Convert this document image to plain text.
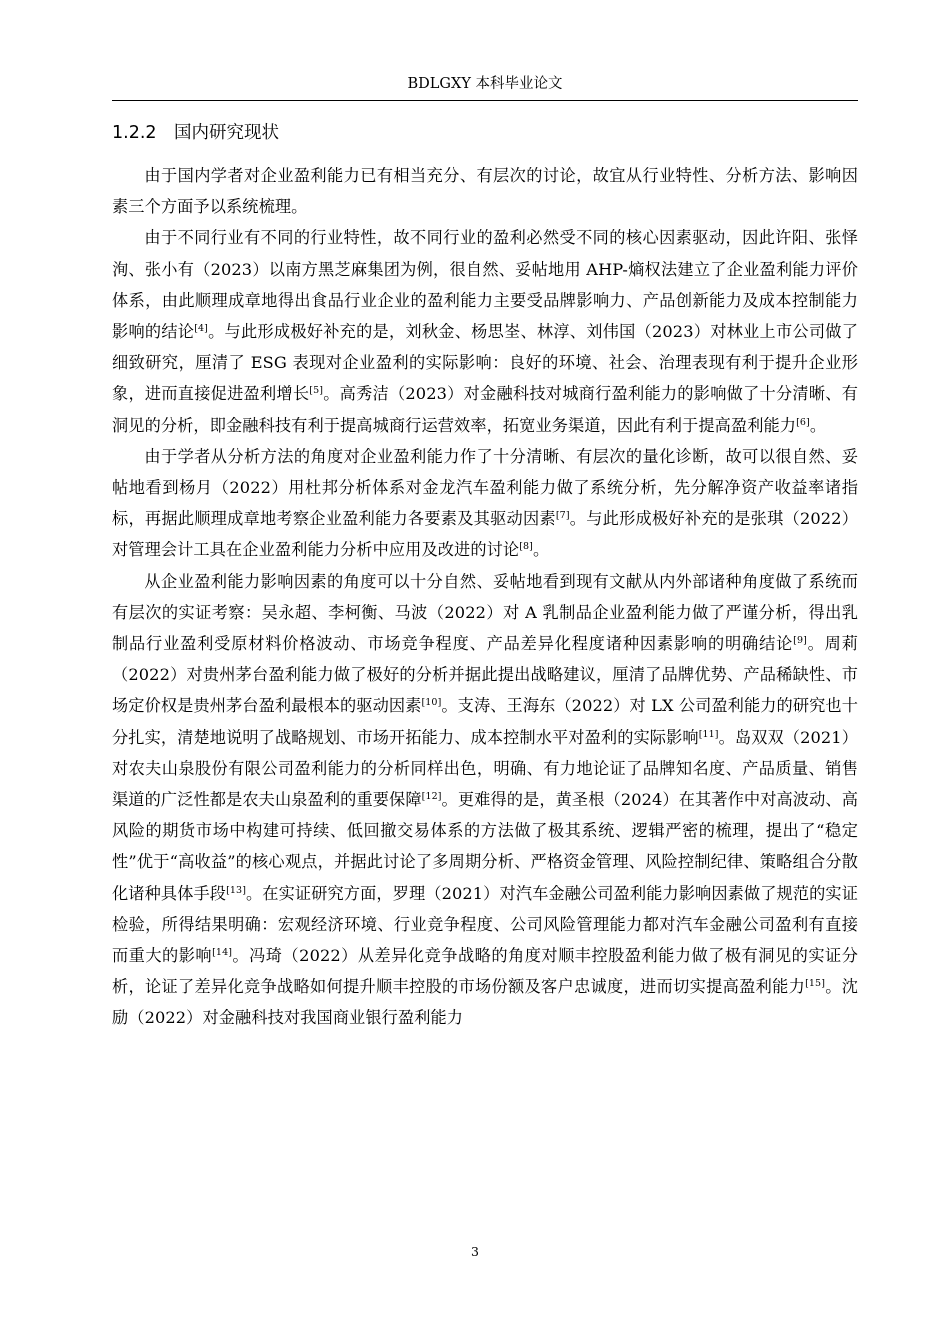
BDLGXY 本科毕业论文
1.2.2 国内研究现状

由于国内学者对企业盈利能力已有相当充分、有层次的讨论，故宜从行业特性、分析方法、影响因素三个方面予以系统梳理。

由于不同行业有不同的行业特性，故不同行业的盈利必然受不同的核心因素驱动，因此许阳、张怿洵、张小有（2023）以南方黑芝麻集团为例，很自然、妥帖地用 AHP-熵权法建立了企业盈利能力评价体系，由此顺理成章地得出食品行业企业的盈利能力主要受品牌影响力、产品创新能力及成本控制能力影响的结论[4]。与此形成极好补充的是，刘秋金、杨思峑、林淳、刘伟国（2023）对林业上市公司做了细致研究，厘清了 ESG 表现对企业盈利的实际影响：良好的环境、社会、治理表现有利于提升企业形象，进而直接促进盈利增长[5]。高秀洁（2023）对金融科技对城商行盈利能力的影响做了十分清晰、有洞见的分析，即金融科技有利于提高城商行运营效率，拓宽业务渠道，因此有利于提高盈利能力[6]。

由于学者从分析方法的角度对企业盈利能力作了十分清晰、有层次的量化诊断，故可以很自然、妥帖地看到杨月（2022）用杜邦分析体系对金龙汽车盈利能力做了系统分析，先分解净资产收益率诸指标，再据此顺理成章地考察企业盈利能力各要素及其驱动因素[7]。与此形成极好补充的是张琪（2022）对管理会计工具在企业盈利能力分析中应用及改进的讨论[8]。

从企业盈利能力影响因素的角度可以十分自然、妥帖地看到现有文献从内外部诸种角度做了系统而有层次的实证考察：吴永超、李柯衡、马波（2022）对 A 乳制品企业盈利能力做了严谨分析，得出乳制品行业盈利受原材料价格波动、市场竞争程度、产品差异化程度诸种因素影响的明确结论[9]。周莉（2022）对贵州茅台盈利能力做了极好的分析并据此提出战略建议，厘清了品牌优势、产品稀缺性、市场定价权是贵州茅台盈利最根本的驱动因素[10]。支涛、王海东（2022）对 LX 公司盈利能力的研究也十分扎实，清楚地说明了战略规划、市场开拓能力、成本控制水平对盈利的实际影响[11]。岛双双（2021）对农夫山泉股份有限公司盈利能力的分析同样出色，明确、有力地论证了品牌知名度、产品质量、销售渠道的广泛性都是农夫山泉盈利的重要保障[12]。更难得的是，黄圣根（2024）在其著作中对高波动、高风险的期货市场中构建可持续、低回撤交易体系的方法做了极其系统、逻辑严密的梳理，提出了“稳定性”优于“高收益”的核心观点，并据此讨论了多周期分析、严格资金管理、风险控制纪律、策略组合分散化诸种具体手段[13]。在实证研究方面，罗理（2021）对汽车金融公司盈利能力影响因素做了规范的实证检验，所得结果明确：宏观经济环境、行业竞争程度、公司风险管理能力都对汽车金融公司盈利有直接而重大的影响[14]。冯琦（2022）从差异化竞争战略的角度对顺丰控股盈利能力做了极有洞见的实证分析，论证了差异化竞争战略如何提升顺丰控股的市场份额及客户忠诚度，进而切实提高盈利能力[15]。沈励（2022）对金融科技对我国商业银行盈利能力

3
